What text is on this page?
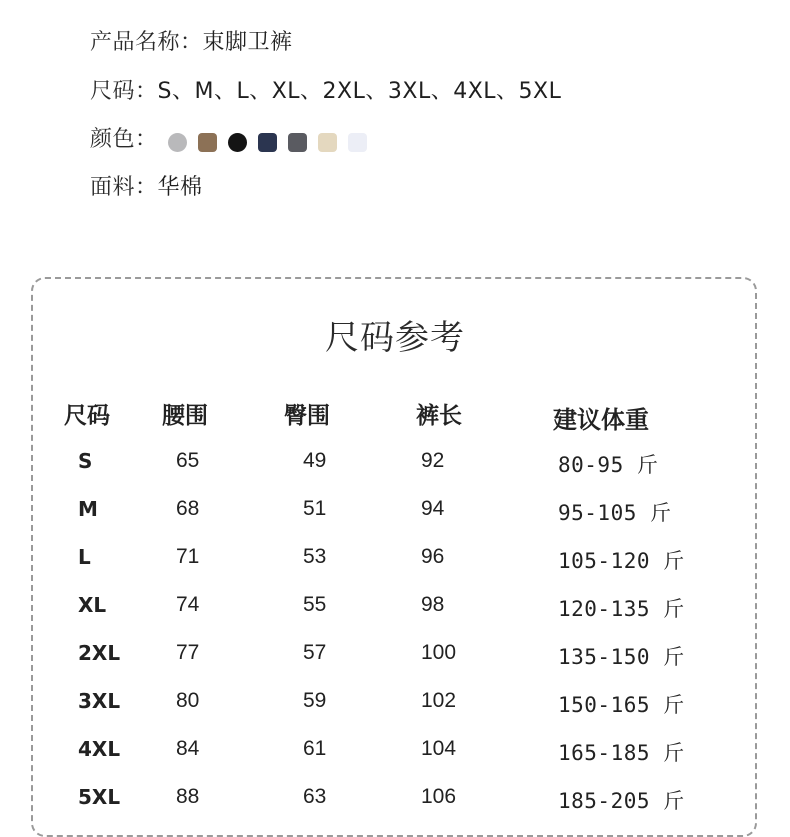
产品名称：束脚卫裤
尺码：S、M、L、XL、2XL、3XL、4XL、5XL
颜色：
面料：华棉
尺码参考
尺码 腰围	臀围	裤长	建议体重
S	65	49	92	80-95 斤
M	68	51	94	95-105 斤
L	71	53	96	105-120 斤
XL	74	55	98	120-135 斤
2XL	77	57	100	135-150 斤
3XL	80	59	102	150-165 斤
4XL	84	61	104	165-185 斤
5XL	88	63	106	185-205 斤
